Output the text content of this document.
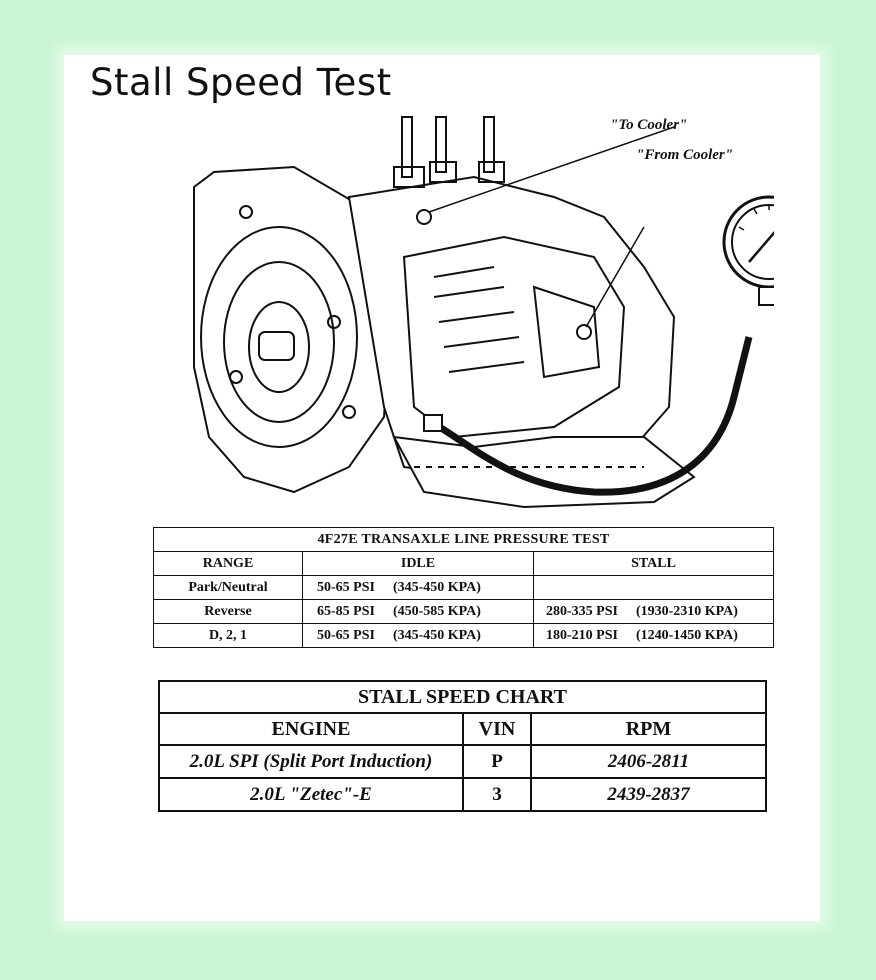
Stall Speed Test
"To Cooler"
"From Cooler"
4F27E TRANSAXLE LINE PRESSURE TEST		
RANGE	IDLE	STALL
Park/Neutral	50-65 PSI (345-450 KPA)	
Reverse	65-85 PSI (450-585 KPA)	280-335 PSI (1930-2310 KPA)
D, 2, 1	50-65 PSI (345-450 KPA)	180-210 PSI (1240-1450 KPA)
STALL SPEED CHART		
ENGINE	VIN	RPM
2.0L SPI (Split Port Induction)	P	2406-2811
2.0L "Zetec"-E	3	2439-2837
